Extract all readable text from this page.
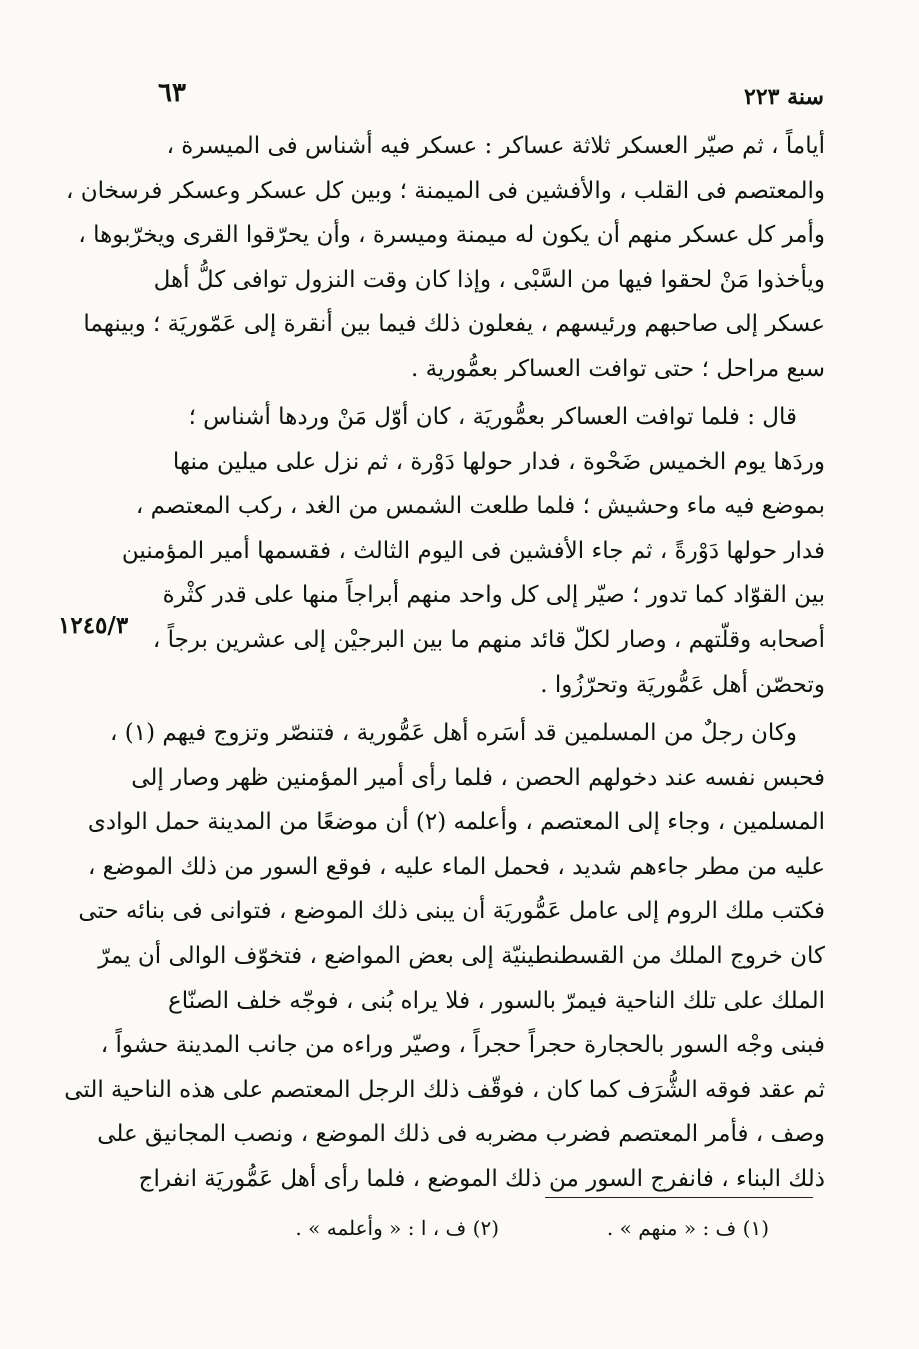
٦٣	سنة ٢٢٣
أياماً ، ثم صيّر العسكر ثلاثة عساكر : عسكر فيه أشناس فى الميسرة ،
والمعتصم فى القلب ، والأفشين فى الميمنة ؛ وبين كل عسكر وعسكر فرسخان ،
وأمر كل عسكر منهم أن يكون له ميمنة وميسرة ، وأن يحرّقوا القرى ويخرّبوها ،
ويأخذوا مَنْ لحقوا فيها من السَّبْى ، وإذا كان وقت النزول توافى كلُّ أهل
عسكر إلى صاحبهم ورئيسهم ، يفعلون ذلك فيما بين أنقرة إلى عَمّوريَة ؛ وبينهما
سبع مراحل ؛ حتى توافت العساكر بعمُّورية .
قال : فلما توافت العساكر بعمُّوريَة ، كان أوّل مَنْ وردها أشناس ؛
وردَها يوم الخميس ضَحْوة ، فدار حولها دَوْرة ، ثم نزل على ميلين منها
بموضع فيه ماء وحشيش ؛ فلما طلعت الشمس من الغد ، ركب المعتصم ،
فدار حولها دَوْرةً ، ثم جاء الأفشين فى اليوم الثالث ، فقسمها أمير المؤمنين
بين القوّاد كما تدور ؛ صيّر إلى كل واحد منهم أبراجاً منها على قدر كثْرة
أصحابه وقلّتهم ، وصار لكلّ قائد منهم ما بين البرجيْن إلى عشرين برجاً ،
وتحصّن أهل عَمُّوريَة وتحرّزُوا .
١٢٤٥/٣
وكان رجلٌ من المسلمين قد أسَره أهل عَمُّورية ، فتنصّر وتزوج فيهم (١) ،
فحبس نفسه عند دخولهم الحصن ، فلما رأى أمير المؤمنين ظهر وصار إلى
المسلمين ، وجاء إلى المعتصم ، وأعلمه (٢) أن موضعًا من المدينة حمل الوادى
عليه من مطر جاءهم شديد ، فحمل الماء عليه ، فوقع السور من ذلك الموضع ،
فكتب ملك الروم إلى عامل عَمُّوريَة أن يبنى ذلك الموضع ، فتوانى فى بنائه حتى
كان خروج الملك من القسطنطينيّة إلى بعض المواضع ، فتخوّف الوالى أن يمرّ
الملك على تلك الناحية فيمرّ بالسور ، فلا يراه بُنى ، فوجّه خلف الصنّاع
فبنى وجْه السور بالحجارة حجراً حجراً ، وصيّر وراءه من جانب المدينة حشواً ،
ثم عقد فوقه الشُّرَف كما كان ، فوقّف ذلك الرجل المعتصم على هذه الناحية التى
وصف ، فأمر المعتصم فضرب مضربه فى ذلك الموضع ، ونصب المجانيق على
ذلك البناء ، فانفرج السور من ذلك الموضع ، فلما رأى أهل عَمُّوريَة انفراج
(١) ف : « منهم » .
(٢) ف ، ا : « وأعلمه » .
